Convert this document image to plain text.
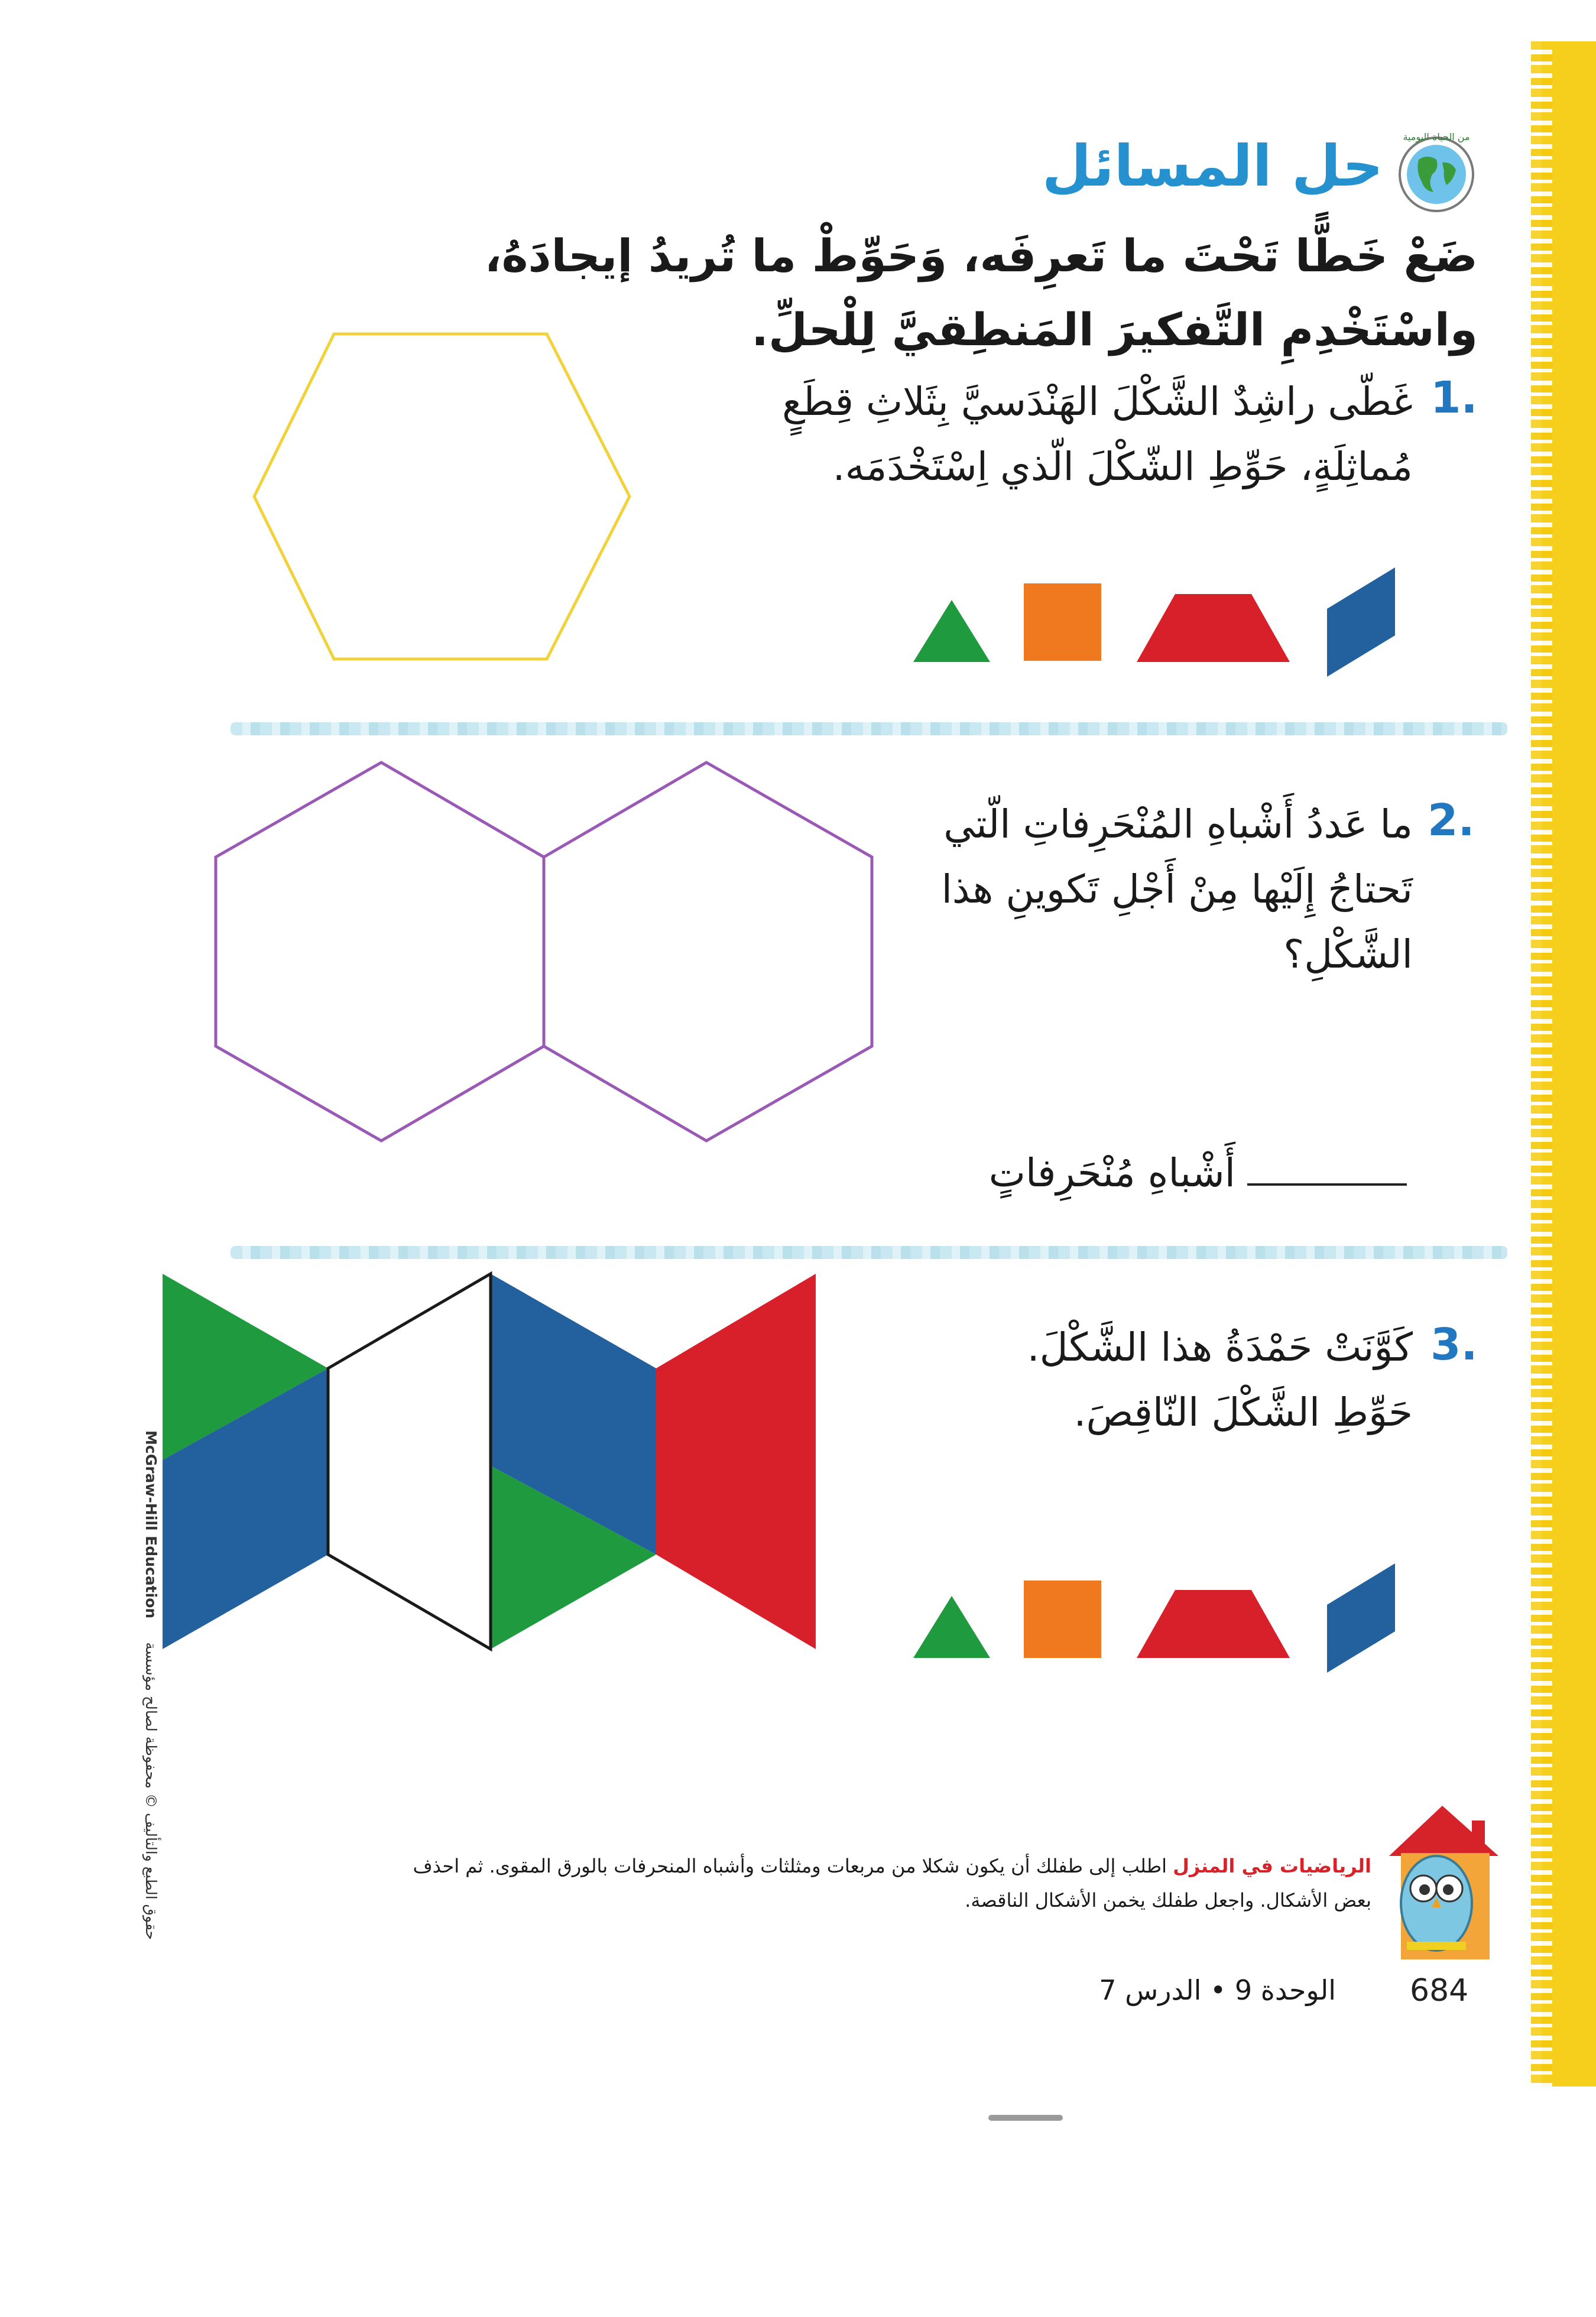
من الحياة اليومية
حل المسائل
ضَعْ خَطًّا تَحْتَ ما تَعرِفَه، وَحَوِّطْ ما تُريدُ إيجادَهُ، واسْتَخْدِمِ التَّفكيرَ المَنطِقيَّ لِلْحلِّ.
1.
غَطّى راشِدٌ الشَّكْلَ الهَنْدَسيَّ بِثَلاثِ قِطَعٍ مُماثِلَةٍ، حَوِّطِ الشّكْلَ الّذي اِسْتَخْدَمَه.
2.
ما عَددُ أَشْباهِ المُنْحَرِفاتِ الّتي تَحتاجُ إِلَيْها مِنْ أَجْلِ تَكوينِ هذا الشَّكْلِ؟
أَشْباهِ مُنْحَرِفاتٍ
3.
كَوَّنَتْ حَمْدَةُ هذا الشَّكْلَ. حَوِّطِ الشَّكْلَ النّاقِصَ.
McGraw-Hill Education
حقوق الطبع والتأليف © محفوظة لصالح مؤسسة	الرياضيات في المنزل اطلب إلى طفلك أن يكون شكلا من مربعات ومثلثات وأشباه المنحرفات بالورق المقوى. ثم احذف بعض الأشكال. واجعل طفلك يخمن الأشكال الناقصة.
684
الوحدة 9 • الدرس 7
